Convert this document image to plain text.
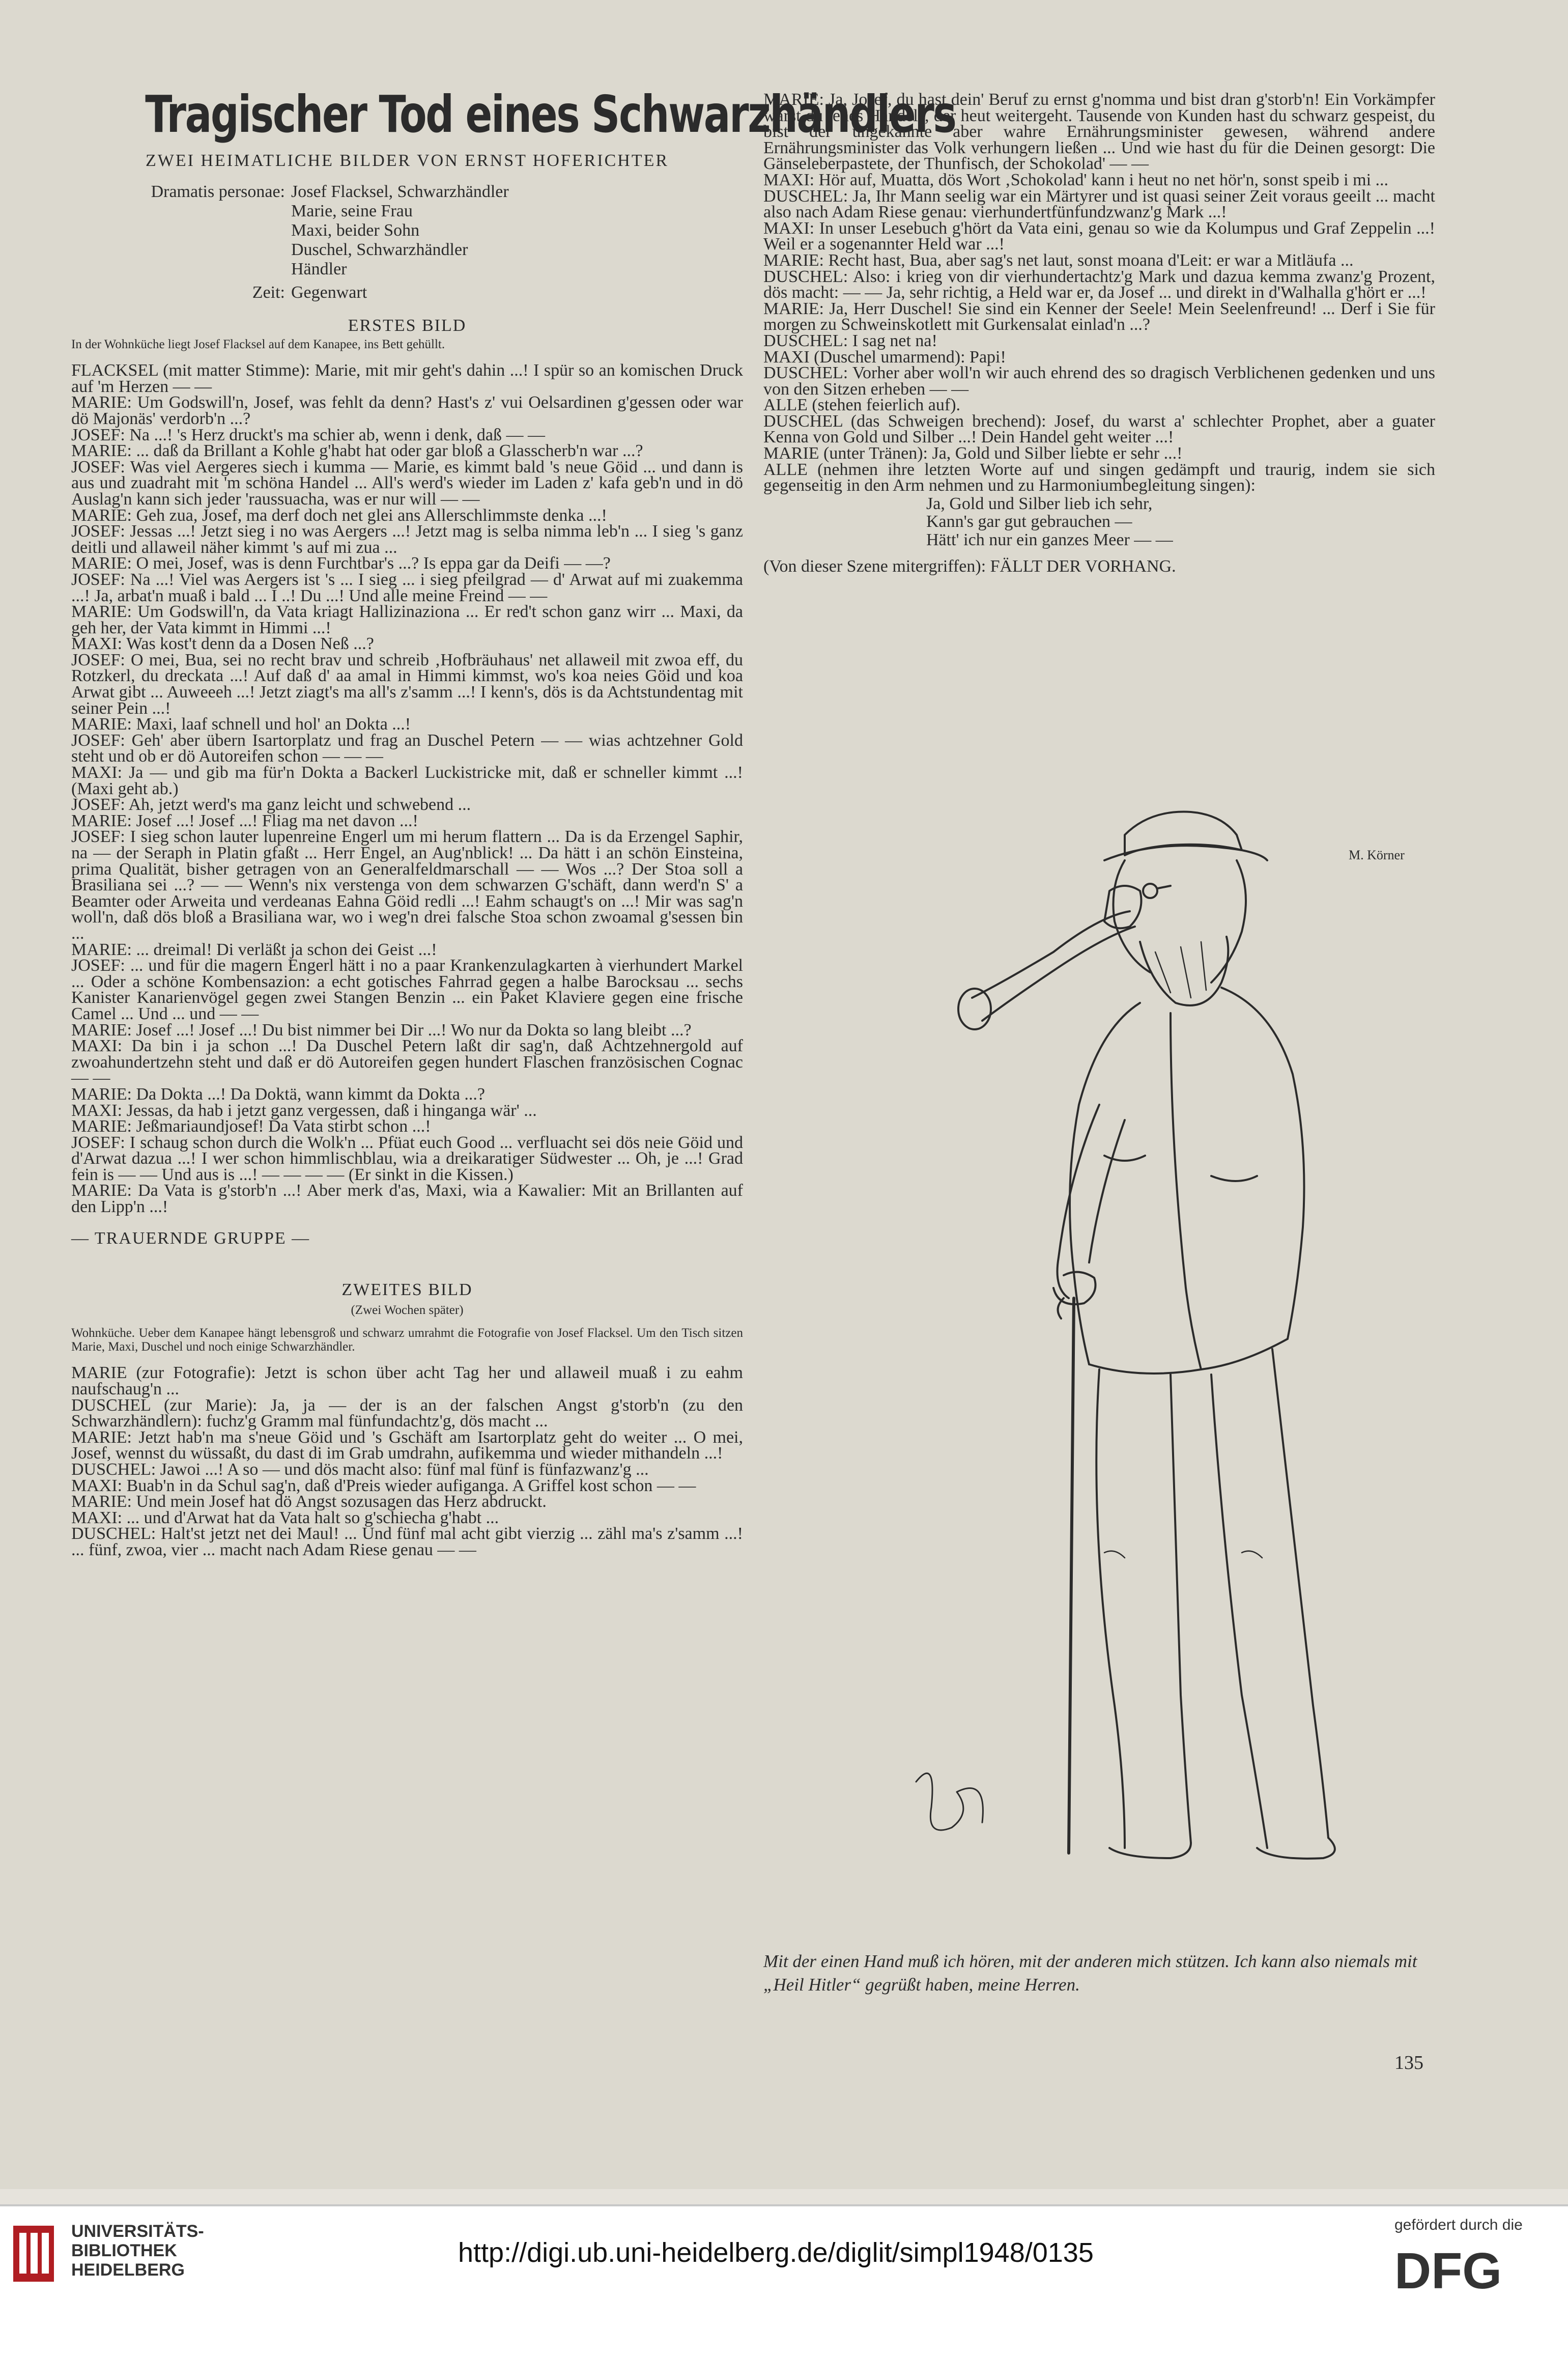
Tragischer Tod eines Schwarzhändlers
ZWEI HEIMATLICHE BILDER VON ERNST HOFERICHTER
Dramatis personae: Josef Flacksel, Schwarzhändler
Marie, seine Frau
Maxi, beider Sohn
Duschel, Schwarzhändler
Händler
Zeit: Gegenwart
ERSTES BILD
In der Wohnküche liegt Josef Flacksel auf dem Kanapee, ins Bett gehüllt.

FLACKSEL (mit matter Stimme): Marie, mit mir geht's dahin ...! I spür so an komischen Druck auf 'm Herzen — —
MARIE: Um Godswill'n, Josef, was fehlt da denn? Hast's z' vui Oelsardinen g'gessen oder war dö Majonäs' verdorb'n ...?
JOSEF: Na ...! 's Herz druckt's ma schier ab, wenn i denk, daß — —
MARIE: ... daß da Brillant a Kohle g'habt hat oder gar bloß a Glasscherb'n war ...?
JOSEF: Was viel Aergeres siech i kumma — Marie, es kimmt bald 's neue Göid ... und dann is aus und zuadraht mit 'm schöna Handel ... All's werd's wieder im Laden z' kafa geb'n und in dö Auslag'n kann sich jeder 'raussuacha, was er nur will — —
MARIE: Geh zua, Josef, ma derf doch net glei ans Allerschlimmste denka ...!
JOSEF: Jessas ...! Jetzt sieg i no was Aergers ...! Jetzt mag is selba nimma leb'n ... I sieg 's ganz deitli und allaweil näher kimmt 's auf mi zua ...
MARIE: O mei, Josef, was is denn Furchtbar's ...? Is eppa gar da Deifi — —?
JOSEF: Na ...! Viel was Aergers ist 's ... I sieg ... i sieg pfeilgrad — d' Arwat auf mi zuakemma ...! Ja, arbat'n muaß i bald ... I ..! Du ...! Und alle meine Freind — —
MARIE: Um Godswill'n, da Vata kriagt Hallizinaziona ... Er red't schon ganz wirr ... Maxi, da geh her, der Vata kimmt in Himmi ...!
MAXI: Was kost't denn da a Dosen Neß ...?
JOSEF: O mei, Bua, sei no recht brav und schreib ‚Hofbräuhaus' net allaweil mit zwoa eff, du Rotzkerl, du dreckata ...! Auf daß d' aa amal in Himmi kimmst, wo's koa neies Göid und koa Arwat gibt ... Auweeeh ...! Jetzt ziagt's ma all's z'samm ...! I kenn's, dös is da Achtstundentag mit seiner Pein ...!
MARIE: Maxi, laaf schnell und hol' an Dokta ...!
JOSEF: Geh' aber übern Isartorplatz und frag an Duschel Petern — — wias achtzehner Gold steht und ob er dö Autoreifen schon — — —
MAXI: Ja — und gib ma für'n Dokta a Backerl Luckistricke mit, daß er schneller kimmt ...! (Maxi geht ab.)
JOSEF: Ah, jetzt werd's ma ganz leicht und schwebend ...
MARIE: Josef ...! Josef ...! Fliag ma net davon ...!
JOSEF: I sieg schon lauter lupenreine Engerl um mi herum flattern ... Da is da Erzengel Saphir, na — der Seraph in Platin gfaßt ... Herr Engel, an Aug'nblick! ... Da hätt i an schön Einsteina, prima Qualität, bisher getragen von an Generalfeldmarschall — — Wos ...? Der Stoa soll a Brasiliana sei ...? — — Wenn's nix verstenga von dem schwarzen G'schäft, dann werd'n S' a Beamter oder Arweita und verdeanas Eahna Göid redli ...! Eahm schaugt's on ...! Mir was sag'n woll'n, daß dös bloß a Brasiliana war, wo i weg'n drei falsche Stoa schon zwoamal g'sessen bin ...
MARIE: ... dreimal! Di verläßt ja schon dei Geist ...!
JOSEF: ... und für die magern Engerl hätt i no a paar Krankenzulagkarten à vierhundert Markel ... Oder a schöne Kombensazion: a echt gotisches Fahrrad gegen a halbe Barocksau ... sechs Kanister Kanarienvögel gegen zwei Stangen Benzin ... ein Paket Klaviere gegen eine frische Camel ... Und ... und — —
MARIE: Josef ...! Josef ...! Du bist nimmer bei Dir ...! Wo nur da Dokta so lang bleibt ...?
MAXI: Da bin i ja schon ...! Da Duschel Petern laßt dir sag'n, daß Achtzehnergold auf zwoahundertzehn steht und daß er dö Autoreifen gegen hundert Flaschen französischen Cognac — —
MARIE: Da Dokta ...! Da Doktä, wann kimmt da Dokta ...?
MAXI: Jessas, da hab i jetzt ganz vergessen, daß i hinganga wär' ...
MARIE: Jeßmariaundjosef! Da Vata stirbt schon ...!
JOSEF: I schaug schon durch die Wolk'n ... Pfüat euch Good ... verfluacht sei dös neie Göid und d'Arwat dazua ...! I wer schon himmlischblau, wia a dreikaratiger Südwester ... Oh, je ...! Grad fein is — — Und aus is ...! — — — — (Er sinkt in die Kissen.)
MARIE: Da Vata is g'storb'n ...! Aber merk d'as, Maxi, wia a Kawalier: Mit an Brillanten auf den Lipp'n ...!

— TRAUERNDE GRUPPE —

ZWEITES BILD
(Zwei Wochen später)
Wohnküche. Ueber dem Kanapee hängt lebensgroß und schwarz umrahmt die Fotografie von Josef Flacksel. Um den Tisch sitzen Marie, Maxi, Duschel und noch einige Schwarzhändler.

MARIE (zur Fotografie): Jetzt is schon über acht Tag her und allaweil muaß i zu eahm naufschaug'n ...
DUSCHEL (zur Marie): Ja, ja — der is an der falschen Angst g'storb'n (zu den Schwarzhändlern): fuchz'g Gramm mal fünfundachtz'g, dös macht ...
MARIE: Jetzt hab'n ma s'neue Göid und 's Gschäft am Isartorplatz geht do weiter ... O mei, Josef, wennst du wüssaßt, du dast di im Grab umdrahn, aufikemma und wieder mithandeln ...!
DUSCHEL: Jawoi ...! A so — und dös macht also: fünf mal fünf is fünfazwanz'g ...
MAXI: Buab'n in da Schul sag'n, daß d'Preis wieder aufiganga. A Griffel kost schon — —
MARIE: Und mein Josef hat dö Angst sozusagen das Herz abdruckt.
MAXI: ... und d'Arwat hat da Vata halt so g'schiecha g'habt ...
DUSCHEL: Halt'st jetzt net dei Maul! ... Und fünf mal acht gibt vierzig ... zähl ma's z'samm ...! ... fünf, zwoa, vier ... macht nach Adam Riese genau — —

MARIE: Ja, Josef, du hast dein' Beruf zu ernst g'nomma und bist dran g'storb'n! Ein Vorkämpfer warst du jenes Handels, der heut weitergeht. Tausende von Kunden hast du schwarz gespeist, du bist der ungekannte aber wahre Ernährungsminister gewesen, während andere Ernährungsminister das Volk verhungern ließen ... Und wie hast du für die Deinen gesorgt: Die Gänseleberpastete, der Thunfisch, der Schokolad' — —
MAXI: Hör auf, Muatta, dös Wort ‚Schokolad' kann i heut no net hör'n, sonst speib i mi ...
DUSCHEL: Ja, Ihr Mann seelig war ein Märtyrer und ist quasi seiner Zeit voraus geeilt ... macht also nach Adam Riese genau: vierhundertfünfundzwanz'g Mark ...!
MAXI: In unser Lesebuch g'hört da Vata eini, genau so wie da Kolumpus und Graf Zeppelin ...! Weil er a sogenannter Held war ...!
MARIE: Recht hast, Bua, aber sag's net laut, sonst moana d'Leit: er war a Mitläufa ...
DUSCHEL: Also: i krieg von dir vierhundertachtz'g Mark und dazua kemma zwanz'g Prozent, dös macht: — — Ja, sehr richtig, a Held war er, da Josef ... und direkt in d'Walhalla g'hört er ...!
MARIE: Ja, Herr Duschel! Sie sind ein Kenner der Seele! Mein Seelenfreund! ... Derf i Sie für morgen zu Schweinskotlett mit Gurkensalat einlad'n ...?
DUSCHEL: I sag net na!
MAXI (Duschel umarmend): Papi!
DUSCHEL: Vorher aber woll'n wir auch ehrend des so dragisch Verblichenen gedenken und uns von den Sitzen erheben — —
ALLE (stehen feierlich auf).
DUSCHEL (das Schweigen brechend): Josef, du warst a' schlechter Prophet, aber a guater Kenna von Gold und Silber ...! Dein Handel geht weiter ...!
MARIE (unter Tränen): Ja, Gold und Silber liebte er sehr ...!
ALLE (nehmen ihre letzten Worte auf und singen gedämpft und traurig, indem sie sich gegenseitig in den Arm nehmen und zu Harmoniumbegleitung singen):

Ja, Gold und Silber lieb ich sehr,

Kann's gar gut gebrauchen —

Hätt' ich nur ein ganzes Meer — —

(Von dieser Szene mitergriffen): FÄLLT DER VORHANG.

M. Körner
Mit der einen Hand muß ich hören, mit der anderen mich stützen. Ich kann also niemals mit „Heil Hitler“ gegrüßt haben, meine Herren.
135
UNIVERSITÄTS-
BIBLIOTHEK
HEIDELBERG
http://digi.ub.uni-heidelberg.de/diglit/simpl1948/0135
gefördert durch die
DFG
